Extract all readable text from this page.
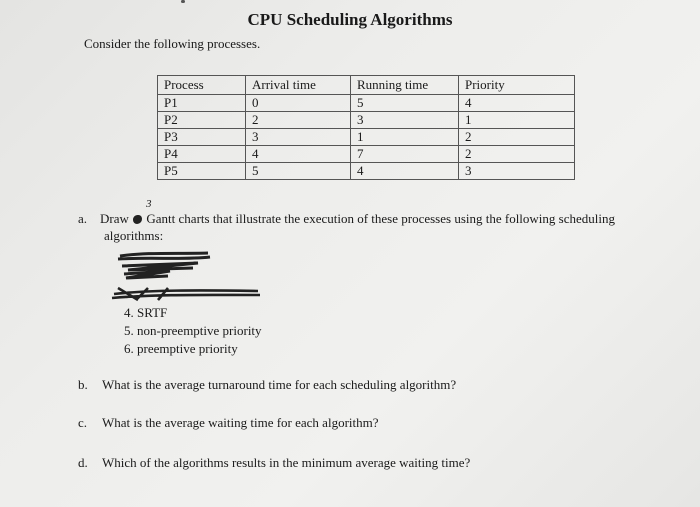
CPU Scheduling Algorithms
Consider the following processes.
Process	Arrival time	Running time	Priority
P1	0	5	4
P2	2	3	1
P3	3	1	2
P4	4	7	2
P5	5	4	3
3
a. Draw Gantt charts that illustrate the execution of these processes using the following scheduling
algorithms:
4. SRTF
5. non-preemptive priority
6. preemptive priority
b. What is the average turnaround time for each scheduling algorithm?
c. What is the average waiting time for each algorithm?
d. Which of the algorithms results in the minimum average waiting time?
